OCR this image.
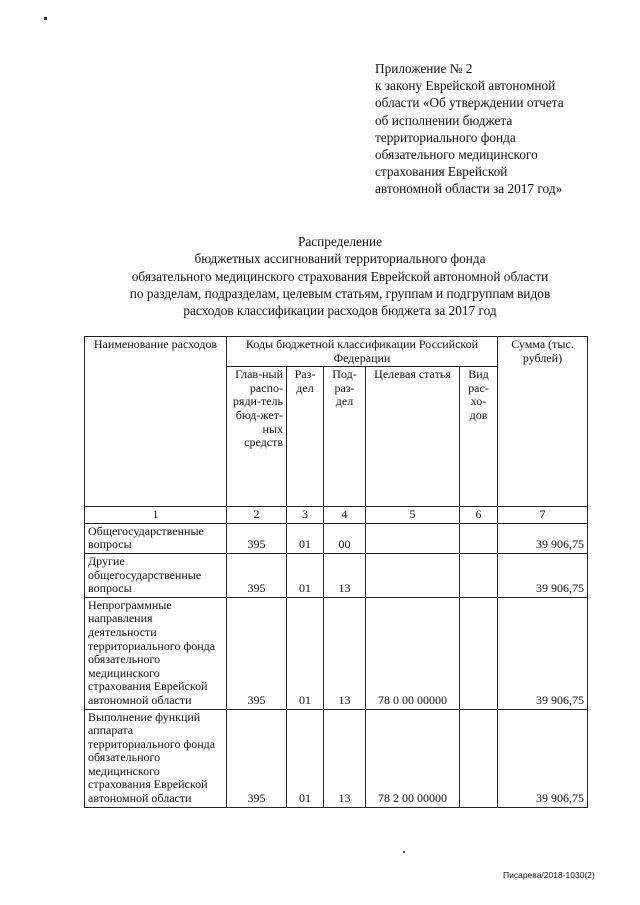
Приложение № 2
к закону Еврейской автономной
области «Об утверждении отчета
об исполнении бюджета
территориального фонда
обязательного медицинского
страхования Еврейской
автономной области за 2017 год»
Распределение
бюджетных ассигнований территориального фонда
обязательного медицинского страхования Еврейской автономной области
по разделам, подразделам, целевым статьям, группам и подгруппам видов
расходов классификации расходов бюджета за 2017 год
Наименование расходов	Коды бюджетной классификации Российской Федерации					Сумма (тыс. рублей)
	Глав-ный распо-ряди-тель бюд-жет-ных средств	Раз-дел	Под-раз-дел	Целевая статья	Вид рас-хо-дов	
1	2	3	4	5	6	7
Общегосударственные вопросы	395	01	00			39 906,75
Другие общегосударственные вопросы	395	01	13			39 906,75
Непрограммные направления деятельности территориального фонда обязательного медицинского страхования Еврейской автономной области	395	01	13	78 0 00 00000		39 906,75
Выполнение функций аппарата территориального фонда обязательного медицинского страхования Еврейской автономной области	395	01	13	78 2 00 00000		39 906,75
Писарева/2018-1030(2)
